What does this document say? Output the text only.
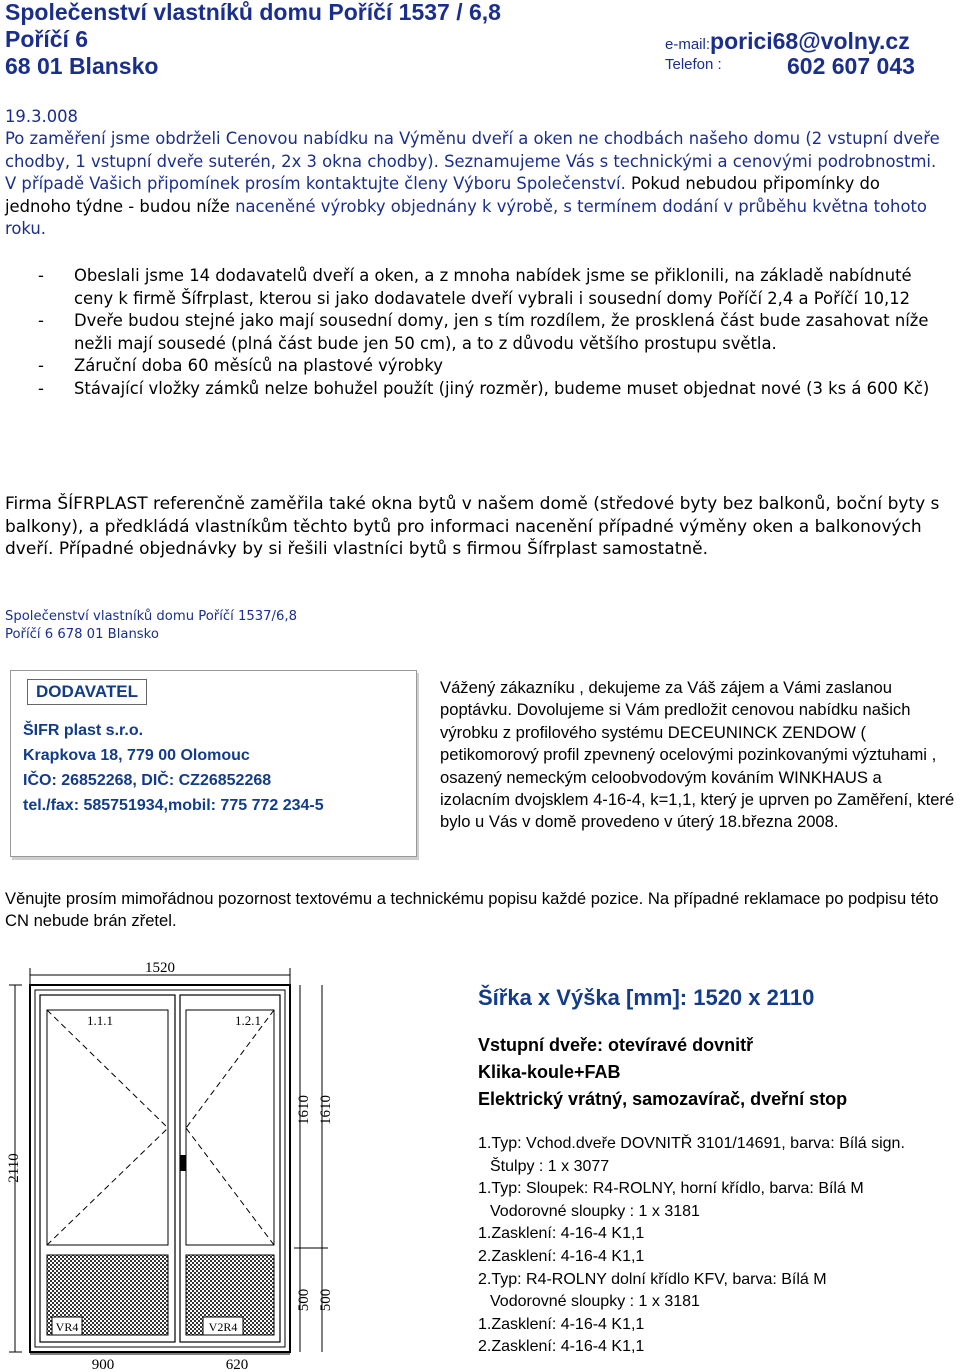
Společenství vlastníků domu Poříčí 1537 / 6,8
Poříčí 6
68 01 Blansko
e-mail:porici68@volny.cz
Telefon :	602 607 043
19.3.008
Po zaměření jsme obdrželi Cenovou nabídku na Výměnu dveří a oken ne chodbách našeho domu (2 vstupní dveře chodby, 1 vstupní dveře suterén, 2x 3 okna chodby). Seznamujeme Vás s technickými a cenovými podrobnostmi. V případě Vašich připomínek prosím kontaktujte členy Výboru Společenství. Pokud nebudou připomínky do jednoho týdne - budou níže naceněné výrobky objednány k výrobě, s termínem dodání v průběhu května tohoto roku.
-	Obeslali jsme 14 dodavatelů dveří a oken, a z mnoha nabídek jsme se přiklonili, na základě nabídnuté ceny k firmě Šífrplast, kterou si jako dodavatele dveří vybrali i sousední domy Poříčí 2,4 a Poříčí 10,12
-	Dveře budou stejné jako mají sousední domy, jen s tím rozdílem, že prosklená část bude zasahovat níže nežli mají sousedé (plná část bude jen 50 cm), a to z důvodu většího prostupu světla.
-	Záruční doba 60 měsíců na plastové výrobky
-	Stávající vložky zámků nelze bohužel použít (jiný rozměr), budeme muset objednat nové (3 ks á 600 Kč)
Firma ŠÍFRPLAST referenčně zaměřila také okna bytů v našem domě (středové byty bez balkonů, boční byty s balkony), a předkládá vlastníkům těchto bytů pro informaci nacenění případné výměny oken a balkonových dveří. Případné objednávky by si řešili vlastníci bytů s firmou Šífrplast samostatně.
Společenství vlastníků domu Poříčí 1537/6,8
Poříčí 6 678 01 Blansko
DODAVATEL
ŠIFR plast s.r.o.
Krapkova 18, 779 00 Olomouc
IČO: 26852268, DIČ: CZ26852268
tel./fax: 585751934,mobil: 775 772 234-5
Vážený zákazníku , dekujeme za Váš zájem a Vámi zaslanou poptávku. Dovolujeme si Vám predložit cenovou nabídku našich výrobku z profilového systému DECEUNINCK ZENDOW ( petikomorový profil zpevnený ocelovými pozinkovanými výztuhami , osazený nemeckým celoobvodovým kováním WINKHAUS a izolacním dvojsklem 4-16-4, k=1,1, který je uprven po Zaměření, které bylo u Vás v domě provedeno v úterý 18.března 2008.
Věnujte prosím mimořádnou pozornost textovému a technickému popisu každé pozice. Na případné reklamace po podpisu této CN nebude brán zřetel.
1520
2110
VR4
1.1.1
V2R4
1.2.1
1610 1610
500 500
900	620
Šířka x Výška [mm]: 1520 x 2110
Vstupní dveře: otevíravé dovnitř
Klika-koule+FAB
Elektrický vrátný, samozavírač, dveřní stop
1.Typ: Vchod.dveře DOVNITŘ 3101/14691, barva: Bílá sign.
Štulpy : 1 x 3077
1.Typ: Sloupek: R4-ROLNY, horní křídlo, barva: Bílá M
Vodorovné sloupky : 1 x 3181
1.Zasklení: 4-16-4 K1,1
2.Zasklení: 4-16-4 K1,1
2.Typ: R4-ROLNY dolní křídlo KFV, barva: Bílá M
Vodorovné sloupky : 1 x 3181
1.Zasklení: 4-16-4 K1,1
2.Zasklení: 4-16-4 K1,1
